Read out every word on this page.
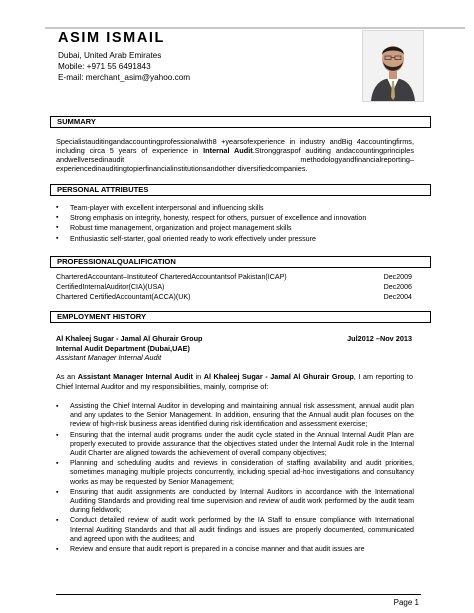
ASIM ISMAIL
Dubai, United Arab Emirates
Mobile: +971 55 6491843
E-mail: merchant_asim@yahoo.com
SUMMARY
Specialistauditingandaccountingprofessionalwith8 +yearsofexperience in industry andBig 4accountingfirms, including circa 5 years of experience in Internal Audit.Stronggraspof auditing andaccountingprinciples andwellversedinaudit methodologyandfinancialreporting–experiencedinauditingtopierfinancialinstitutionsandother diversifiedcompanies.
PERSONAL ATTRIBUTES
▪ Team-player with excellent interpersonal and influencing skills
▪ Strong emphasis on integrity, honesty, respect for others, pursuer of excellence and innovation
▪ Robust time management, organization and project management skills
▪ Enthusiastic self-starter, goal oriented ready to work effectively under pressure
PROFESSIONALQUALIFICATION
CharteredAccountant–Instituteof CharteredAccountantsof Pakistan(ICAP)	Dec2009
CertifiedInternalAuditor(CIA)(USA)	Dec2006
Chartered CertifiedAccountant(ACCA)(UK)	Dec2004
EMPLOYMENT HISTORY
Al Khaleej Sugar - Jamal Al Ghurair Group	Jul2012 –Nov 2013
Internal Audit Department (Dubai,UAE)
Assistant Manager Internal Audit
As an Assistant Manager Internal Audit in Al Khaleej Sugar - Jamal Al Ghurair Group, I am reporting to Chief Internal Auditor and my responsibilities, mainly, comprise of:
▪ Assisting the Chief Internal Auditor in developing and maintaining annual risk assessment, annual audit plan and any updates to the Senior Management. In addition, ensuring that the Annual audit plan focuses on the review of high-risk business areas identified during risk identification and assessment exercise;
▪ Ensuring that the internal audit programs under the audit cycle stated in the Annual Internal Audit Plan are properly executed to provide assurance that the objectives stated under the Internal Audit role in the Internal Audit Charter are aligned towards the achievement of overall company objectives;
▪ Planning and scheduling audits and reviews in consideration of staffing availability and audit priorities, sometimes managing multiple projects concurrently, including special ad-hoc investigations and consultancy works as may be requested by Senior Management;
▪ Ensuring that audit assignments are conducted by Internal Auditors in accordance with the International Auditing Standards and providing real time supervision and review of audit work performed by the audit team during fieldwork;
▪ Conduct detailed review of audit work performed by the IA Staff to ensure compliance with International Internal Auditing Standards and that all audit findings and issues are properly documented, communicated and agreed upon with the auditees; and
▪ Review and ensure that audit report is prepared in a concise manner and that audit issues are
Page 1
